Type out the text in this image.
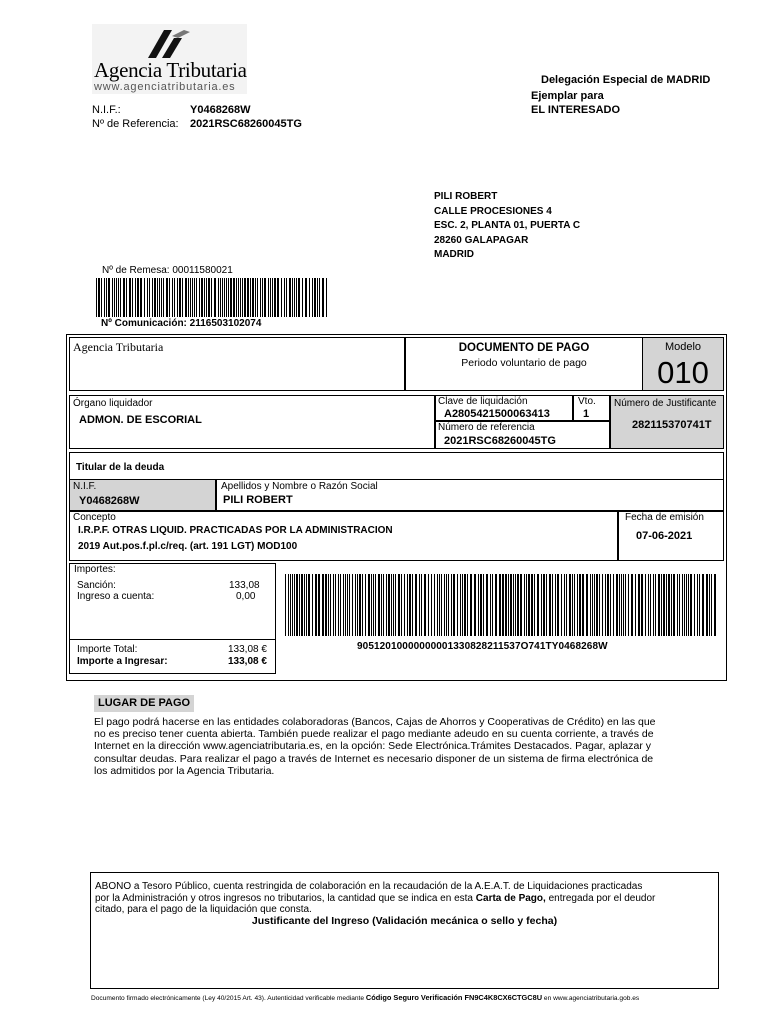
Agencia Tributaria
www.agenciatributaria.es
Delegación Especial de MADRID
Ejemplar para
EL INTERESADO
N.I.F.:	Y0468268W
Nº de Referencia: 2021RSC68260045TG
PILI ROBERT
CALLE PROCESIONES 4
ESC. 2, PLANTA 01, PUERTA C
28260 GALAPAGAR
MADRID
Nº de Remesa: 00011580021
Nº Comunicación: 2116503102074
Agencia Tributaria	DOCUMENTO DE PAGO
Periodo voluntario de pago
Modelo
010
Órgano liquidador
ADMON. DE ESCORIAL
Clave de liquidación
A2805421500063413
Vto.
1
Número de referencia
2021RSC68260045TG
Número de Justificante
282115370741T
Titular de la deuda
N.I.F.
Y0468268W
Apellidos y Nombre o Razón Social
PILI ROBERT
Concepto
I.R.P.F. OTRAS LIQUID. PRACTICADAS POR LA ADMINISTRACION
2019 Aut.pos.f.pl.c/req. (art. 191 LGT) MOD100
Fecha de emisión
07-06-2021
Importes:
Sanción:	133,08
Ingreso a cuenta:	0,00
Importe Total:	133,08 €
Importe a Ingresar:	133,08 €
90512010000000001330828211537O741TY0468268W
LUGAR DE PAGO
El pago podrá hacerse en las entidades colaboradoras (Bancos, Cajas de Ahorros y Cooperativas de Crédito) en las que
no es preciso tener cuenta abierta. También puede realizar el pago mediante adeudo en su cuenta corriente, a través de
Internet en la dirección www.agenciatributaria.es, en la opción: Sede Electrónica.Trámites Destacados. Pagar, aplazar y
consultar deudas. Para realizar el pago a través de Internet es necesario disponer de un sistema de firma electrónica de
los admitidos por la Agencia Tributaria.
ABONO a Tesoro Público, cuenta restringida de colaboración en la recaudación de la A.E.A.T. de Liquidaciones practicadas
por la Administración y otros ingresos no tributarios, la cantidad que se indica en esta Carta de Pago, entregada por el deudor
citado, para el pago de la liquidación que consta.
Justificante del Ingreso (Validación mecánica o sello y fecha)
Documento firmado electrónicamente (Ley 40/2015 Art. 43). Autenticidad verificable mediante Código Seguro Verificación FN9C4K8CX6CTGC8U en www.agenciatributaria.gob.es
